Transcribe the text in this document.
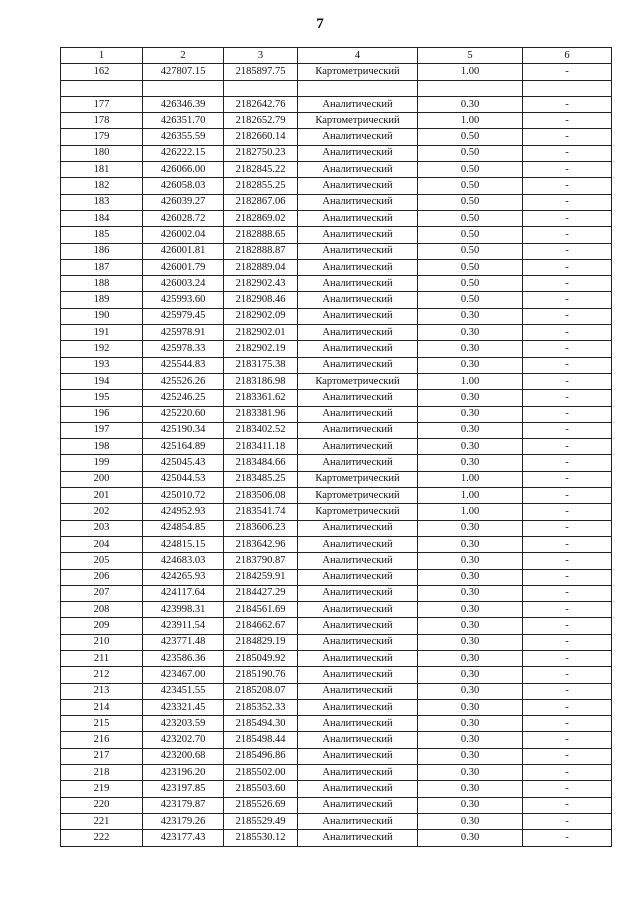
7
1	2	3	4	5	6
162	427807.15	2185897.75	Картометрический	1.00	-

177	426346.39	2182642.76	Аналитический	0.30	-
178	426351.70	2182652.79	Картометрический	1.00	-
179	426355.59	2182660.14	Аналитический	0.50	-
180	426222.15	2182750.23	Аналитический	0.50	-
181	426066.00	2182845.22	Аналитический	0.50	-
182	426058.03	2182855.25	Аналитический	0.50	-
183	426039.27	2182867.06	Аналитический	0.50	-
184	426028.72	2182869.02	Аналитический	0.50	-
185	426002.04	2182888.65	Аналитический	0.50	-
186	426001.81	2182888.87	Аналитический	0.50	-
187	426001.79	2182889.04	Аналитический	0.50	-
188	426003.24	2182902.43	Аналитический	0.50	-
189	425993.60	2182908.46	Аналитический	0.50	-
190	425979.45	2182902.09	Аналитический	0.30	-
191	425978.91	2182902.01	Аналитический	0.30	-
192	425978.33	2182902.19	Аналитический	0.30	-
193	425544.83	2183175.38	Аналитический	0.30	-
194	425526.26	2183186.98	Картометрический	1.00	-
195	425246.25	2183361.62	Аналитический	0.30	-
196	425220.60	2183381.96	Аналитический	0.30	-
197	425190.34	2183402.52	Аналитический	0.30	-
198	425164.89	2183411.18	Аналитический	0.30	-
199	425045.43	2183484.66	Аналитический	0.30	-
200	425044.53	2183485.25	Картометрический	1.00	-
201	425010.72	2183506.08	Картометрический	1.00	-
202	424952.93	2183541.74	Картометрический	1.00	-
203	424854.85	2183606.23	Аналитический	0.30	-
204	424815.15	2183642.96	Аналитический	0.30	-
205	424683.03	2183790.87	Аналитический	0.30	-
206	424265.93	2184259.91	Аналитический	0.30	-
207	424117.64	2184427.29	Аналитический	0.30	-
208	423998.31	2184561.69	Аналитический	0.30	-
209	423911.54	2184662.67	Аналитический	0.30	-
210	423771.48	2184829.19	Аналитический	0.30	-
211	423586.36	2185049.92	Аналитический	0.30	-
212	423467.00	2185190.76	Аналитический	0.30	-
213	423451.55	2185208.07	Аналитический	0.30	-
214	423321.45	2185352.33	Аналитический	0.30	-
215	423203.59	2185494.30	Аналитический	0.30	-
216	423202.70	2185498.44	Аналитический	0.30	-
217	423200.68	2185496.86	Аналитический	0.30	-
218	423196.20	2185502.00	Аналитический	0.30	-
219	423197.85	2185503.60	Аналитический	0.30	-
220	423179.87	2185526.69	Аналитический	0.30	-
221	423179.26	2185529.49	Аналитический	0.30	-
222	423177.43	2185530.12	Аналитический	0.30	-
